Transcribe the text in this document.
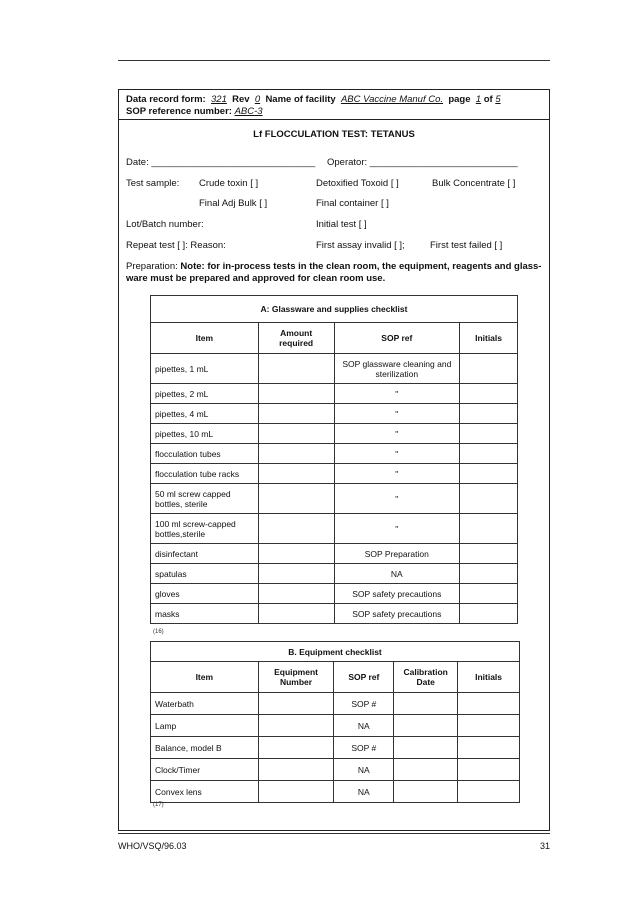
Data record form: 321 Rev 0 Name of facility ABC Vaccine Manuf Co. page 1 of 5
SOP reference number: ABC-3
Lf FLOCCULATION TEST: TETANUS
Date: _______________________________ Operator: ____________________________
Test sample: Crude toxin [ ]	Detoxified Toxoid [ ]	Bulk Concentrate [ ]
Final Adj Bulk [ ]	Final container [ ]
Lot/Batch number:	Initial test [ ]
Repeat test [ ]: Reason:	First assay invalid [ ];	First test failed [ ]
Preparation: Note: for in-process tests in the clean room, the equipment, reagents and glass-ware must be prepared and approved for clean room use.
A: Glassware and supplies checklist			
Item	Amount required	SOP ref	Initials
pipettes, 1 mL		SOP glassware cleaning and sterilization	
pipettes, 2 mL		"	
pipettes, 4 mL		"	
pipettes, 10 mL		"	
flocculation tubes		"	
flocculation tube racks		"	
50 ml screw capped bottles, sterile		"	
100 ml screw-capped bottles,sterile		"	
disinfectant		SOP Preparation	
spatulas		NA	
gloves		SOP safety precautions	
masks		SOP safety precautions	
(16)
B. Equipment checklist				
Item	Equipment Number	SOP ref	Calibration Date	Initials
Waterbath		SOP #		
Lamp		NA		
Balance, model B		SOP #		
Clock/Timer		NA		
Convex lens		NA		
(17)
WHO/VSQ/96.03	31
